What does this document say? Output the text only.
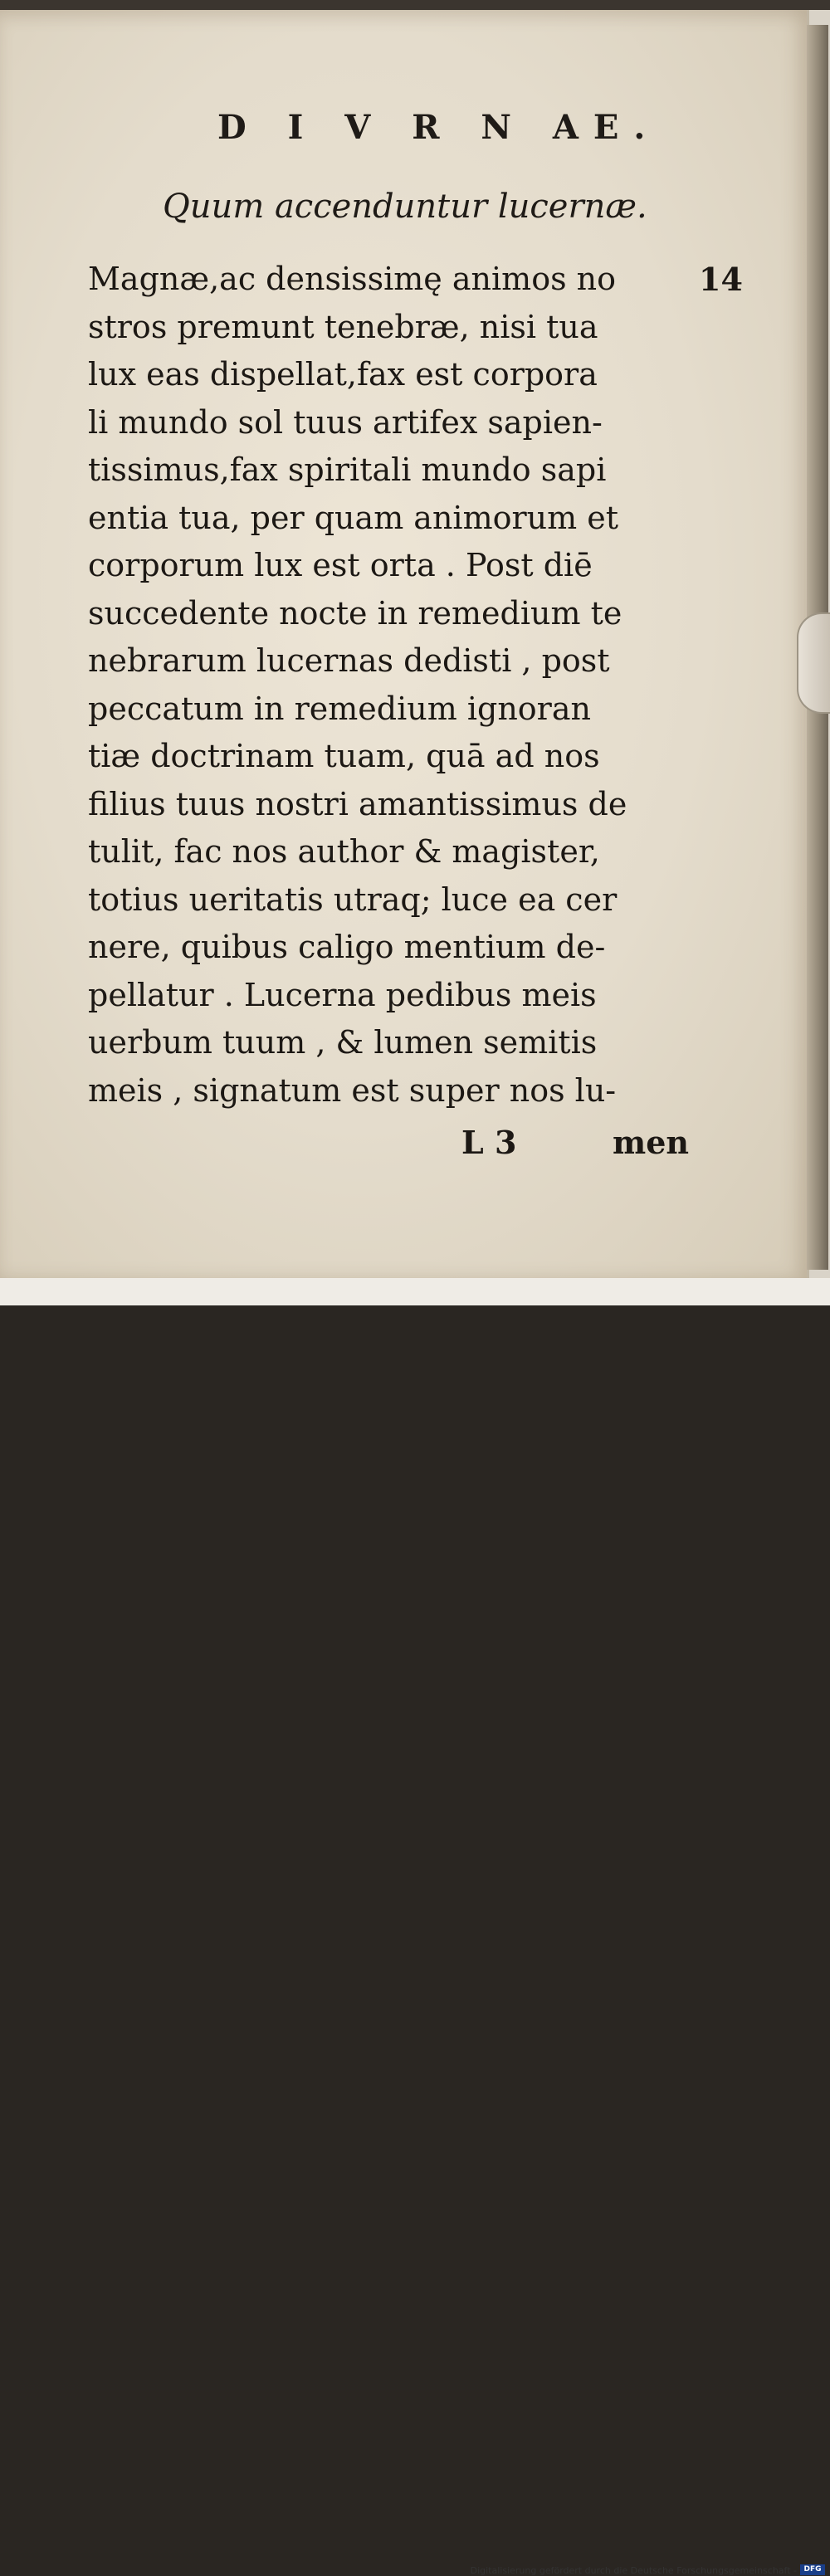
D I V R N AE.
Quum accenduntur lucernæ.
14
Magnæ,ac densissimę animos no
stros premunt tenebræ, nisi tua
lux eas dispellat,fax est corpora
li mundo sol tuus artifex sapien-
tissimus,fax spiritali mundo sapi
entia tua, per quam animorum et
corporum lux est orta . Post diē
succedente nocte in remedium te
nebrarum lucernas dedisti , post
peccatum in remedium ignoran
tiæ doctrinam tuam, quā ad nos
filius tuus nostri amantissimus de
tulit, fac nos author & magister,
totius ueritatis utraq; luce ea cer
nere, quibus caligo mentium de-
pellatur . Lucerna pedibus meis
uerbum tuum , & lumen semitis
meis , signatum est super nos lu-
L 3	men
Digitalisierung gefördert durch die Deutsche Forschungsgemeinschaft - DFG
